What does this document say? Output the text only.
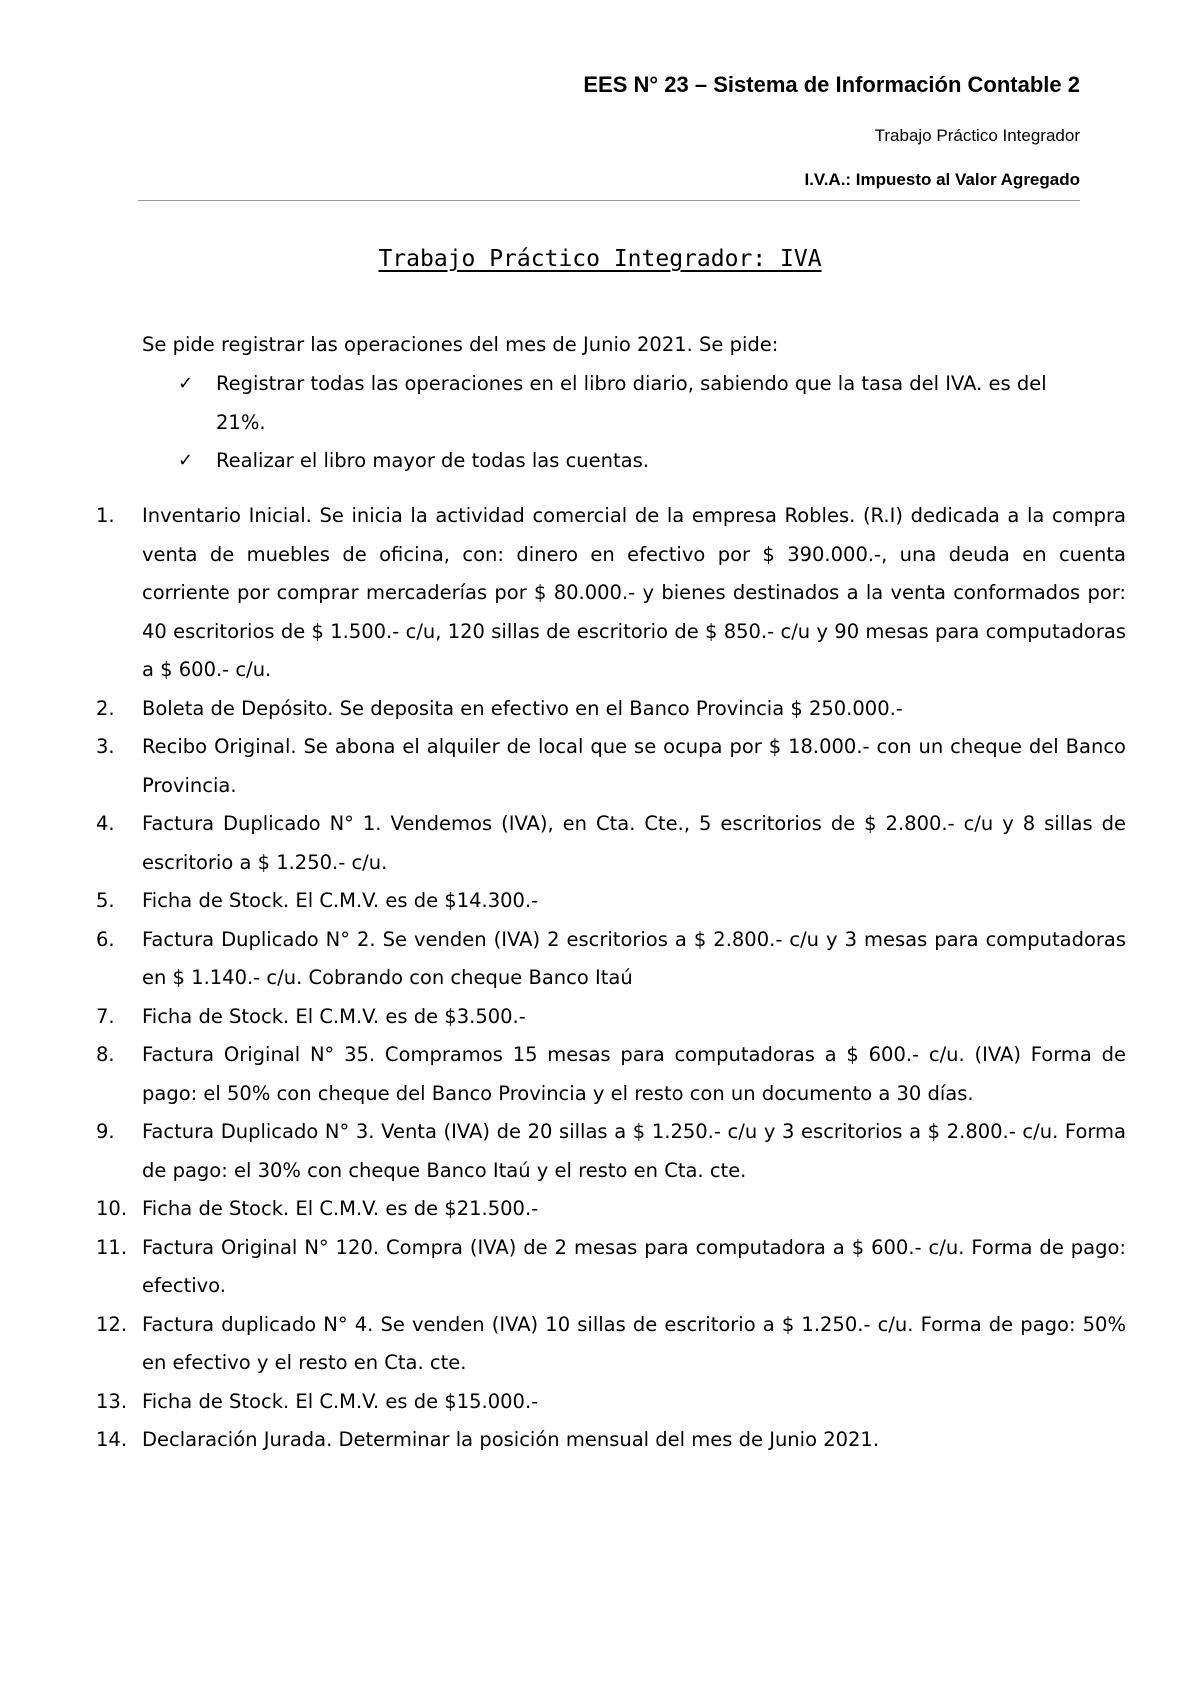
EES N° 23 – Sistema de Información Contable 2
Trabajo Práctico Integrador
I.V.A.: Impuesto al Valor Agregado
Trabajo Práctico Integrador: IVA
Se pide registrar las operaciones del mes de Junio 2021. Se pide:
✓ Registrar todas las operaciones en el libro diario, sabiendo que la tasa del IVA. es del 21%.
✓ Realizar el libro mayor de todas las cuentas.
1.	Inventario Inicial. Se inicia la actividad comercial de la empresa Robles. (R.I) dedicada a la compra venta de muebles de oficina, con: dinero en efectivo por $ 390.000.-, una deuda en cuenta corriente por comprar mercaderías por $ 80.000.- y bienes destinados a la venta conformados por: 40 escritorios de $ 1.500.- c/u, 120 sillas de escritorio de $ 850.- c/u y 90 mesas para computadoras a $ 600.- c/u.
2.	Boleta de Depósito. Se deposita en efectivo en el Banco Provincia $ 250.000.-
3.	Recibo Original. Se abona el alquiler de local que se ocupa por $ 18.000.- con un cheque del Banco Provincia.
4.	Factura Duplicado N° 1. Vendemos (IVA), en Cta. Cte., 5 escritorios de $ 2.800.- c/u y 8 sillas de escritorio a $ 1.250.- c/u.
5.	Ficha de Stock. El C.M.V. es de $14.300.-
6.	Factura Duplicado N° 2. Se venden (IVA) 2 escritorios a $ 2.800.- c/u y 3 mesas para computadoras en $ 1.140.- c/u. Cobrando con cheque Banco Itaú
7.	Ficha de Stock. El C.M.V. es de $3.500.-
8.	Factura Original N° 35. Compramos 15 mesas para computadoras a $ 600.- c/u. (IVA) Forma de pago: el 50% con cheque del Banco Provincia y el resto con un documento a 30 días.
9.	Factura Duplicado N° 3. Venta (IVA) de 20 sillas a $ 1.250.- c/u y 3 escritorios a $ 2.800.- c/u. Forma de pago: el 30% con cheque Banco Itaú y el resto en Cta. cte.
10. Ficha de Stock. El C.M.V. es de $21.500.-
11. Factura Original N° 120. Compra (IVA) de 2 mesas para computadora a $ 600.- c/u. Forma de pago: efectivo.
12. Factura duplicado N° 4. Se venden (IVA) 10 sillas de escritorio a $ 1.250.- c/u. Forma de pago: 50% en efectivo y el resto en Cta. cte.
13. Ficha de Stock. El C.M.V. es de $15.000.-
14. Declaración Jurada. Determinar la posición mensual del mes de Junio 2021.
